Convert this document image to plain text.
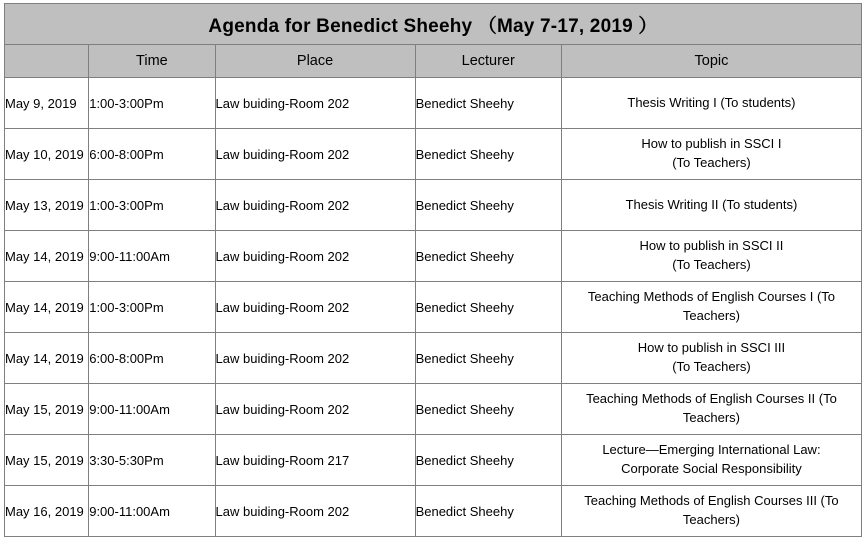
Agenda for Benedict Sheehy （May 7-17, 2019 ）				
	Time	Place	Lecturer	Topic
May 9, 2019	1:00-3:00Pm	Law buiding-Room 202	Benedict Sheehy	Thesis Writing I (To students)

May 10, 2019	6:00-8:00Pm	Law buiding-Room 202	Benedict Sheehy	How to publish in SSCI I
(To Teachers)

May 13, 2019	1:00-3:00Pm	Law buiding-Room 202	Benedict Sheehy	Thesis Writing II (To students)

May 14, 2019	9:00-11:00Am	Law buiding-Room 202	Benedict Sheehy	How to publish in SSCI II
(To Teachers)

May 14, 2019	1:00-3:00Pm	Law buiding-Room 202	Benedict Sheehy	Teaching Methods of English Courses I (To
Teachers)

May 14, 2019	6:00-8:00Pm	Law buiding-Room 202	Benedict Sheehy	How to publish in SSCI III
(To Teachers)

May 15, 2019	9:00-11:00Am	Law buiding-Room 202	Benedict Sheehy	Teaching Methods of English Courses II (To
Teachers)

May 15, 2019	3:30-5:30Pm	Law buiding-Room 217	Benedict Sheehy	Lecture—Emerging International Law:
Corporate Social Responsibility

May 16, 2019	9:00-11:00Am	Law buiding-Room 202	Benedict Sheehy	Teaching Methods of English Courses III (To
Teachers)
